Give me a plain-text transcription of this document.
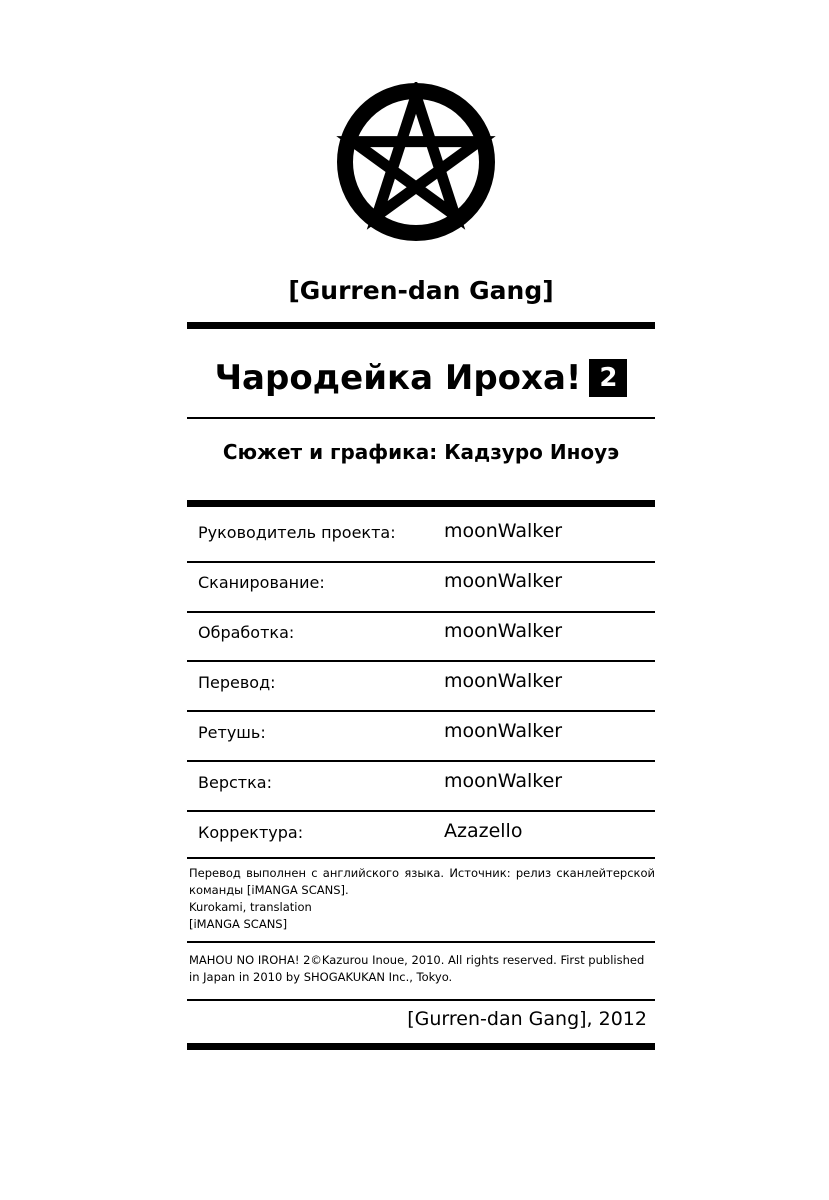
[Gurren-dan Gang]
Чародейка Ироха! 2
Сюжет и графика: Кадзуро Иноуэ
Руководитель проекта:	moonWalker
Сканирование:	moonWalker
Обработка:	moonWalker
Перевод:	moonWalker
Ретушь:	moonWalker
Верстка:	moonWalker
Корректура:	Azazello
Перевод выполнен с английского языка. Источник: релиз сканлейтерской команды [iMANGA SCANS].
Kurokami, translation
[iMANGA SCANS]
MAHOU NO IROHA! 2©Kazurou Inoue, 2010. All rights reserved. First published in Japan in 2010 by SHOGAKUKAN Inc., Tokyo.
[Gurren-dan Gang], 2012
